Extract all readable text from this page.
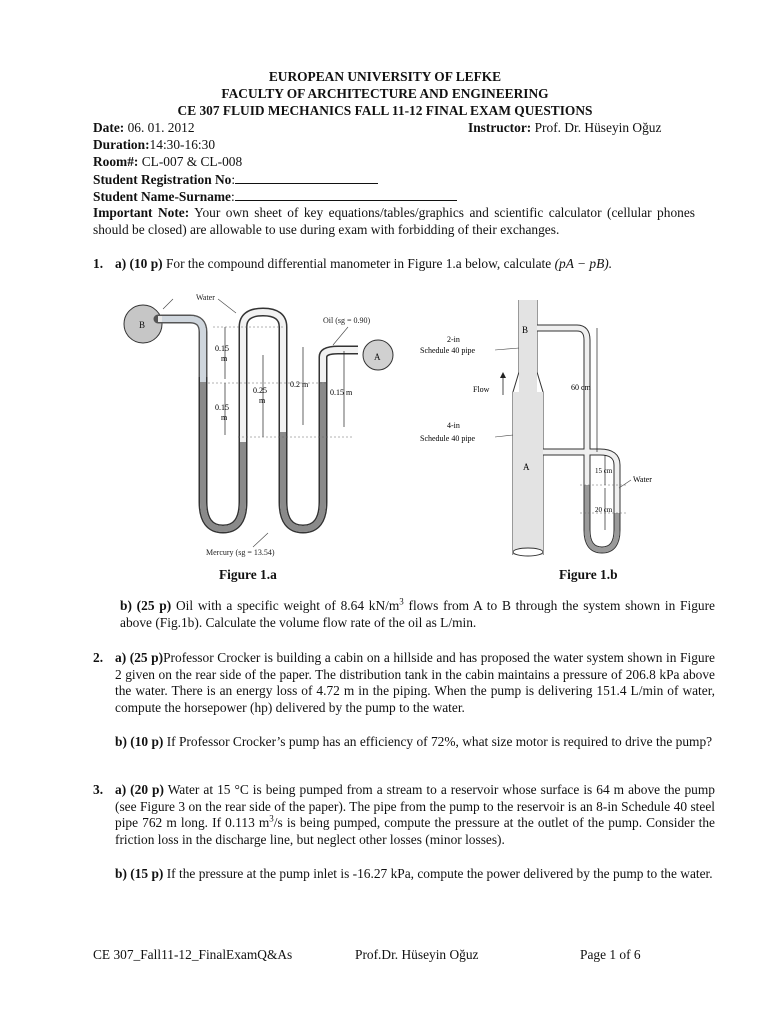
EUROPEAN UNIVERSITY OF LEFKE
FACULTY OF ARCHITECTURE AND ENGINEERING
CE 307 FLUID MECHANICS FALL 11-12 FINAL EXAM QUESTIONS
Date: 06. 01. 2012	Instructor: Prof. Dr. Hüseyin Oğuz
Duration:14:30-16:30
Room#: CL-007 & CL-008
Student Registration No:
Student Name-Surname:
Important Note: Your own sheet of key equations/tables/graphics and scientific calculator (cellular phones should be closed) are allowable to use during exam with forbidding of their exchanges.
1. a) (10 p) For the compound differential manometer in Figure 1.a below, calculate (pA − pB).
A
B
Water
Oil (sg = 0.90)
0.15
m
0.15
m
0.25
m
0.2 m
0.15 m
Mercury (sg = 13.54)
Figure 1.a
B
A
2-in
Schedule 40 pipe
Flow
4-in
Schedule 40 pipe
60 cm
15 cm
20 cm
Water
Figure 1.b
b) (25 p) Oil with a specific weight of 8.64 $kN/m^3$ flows from A to B through the system shown in Figure above (Fig.1b). Calculate the volume flow rate of the oil as L/min.
2. a) (25 p)Professor Crocker is building a cabin on a hillside and has proposed the water system shown in Figure 2 given on the rear side of the paper. The distribution tank in the cabin maintains a pressure of 206.8 kPa above the water. There is an energy loss of 4.72 m in the piping. When the pump is delivering 151.4 L/min of water, compute the horsepower (hp) delivered by the pump to the water.
b) (10 p) If Professor Crocker’s pump has an efficiency of 72%, what size motor is required to drive the pump?
3. a) (20 p) Water at 15 °C is being pumped from a stream to a reservoir whose surface is 64 m above the pump (see Figure 3 on the rear side of the paper). The pipe from the pump to the reservoir is an 8-in Schedule 40 steel pipe 762 m long. If 0.113 $m^3/s$ is being pumped, compute the pressure at the outlet of the pump. Consider the friction loss in the discharge line, but neglect other losses (minor losses).
b) (15 p) If the pressure at the pump inlet is -16.27 kPa, compute the power delivered by the pump to the water.
CE 307_Fall11-12_FinalExamQ&As	Prof.Dr. Hüseyin Oğuz	Page 1 of 6
